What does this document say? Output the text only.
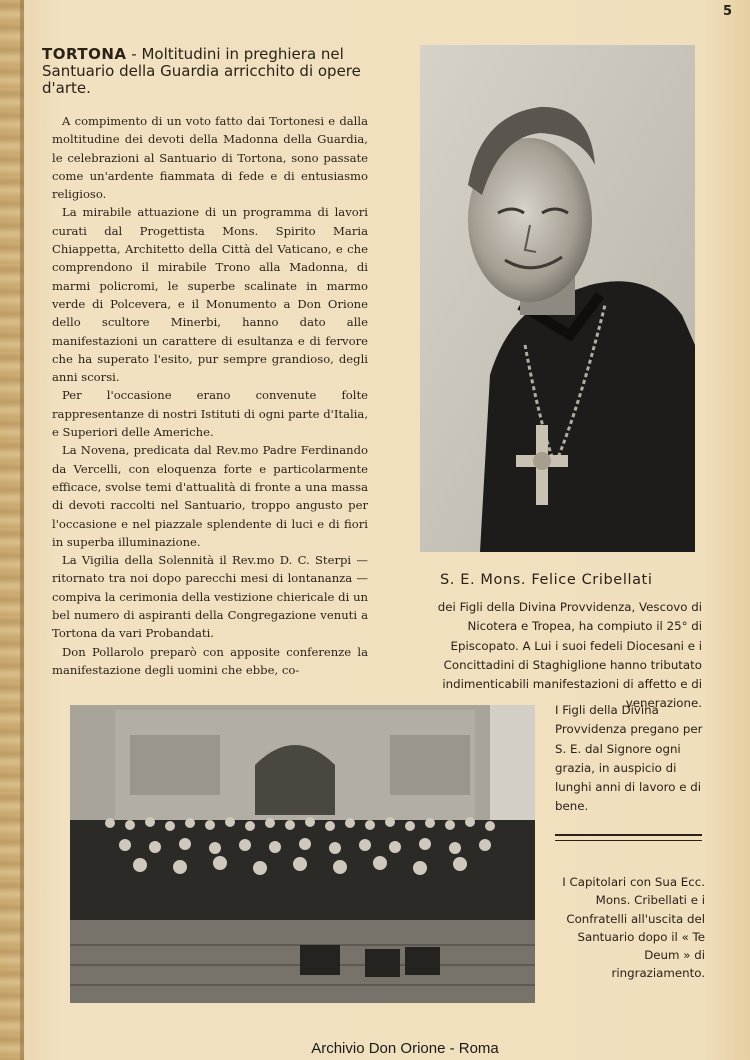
5
TORTONA - Moltitudini in preghiera nel Santuario della Guardia arricchito di opere d'arte.

A compimento di un voto fatto dai Tortonesi e dalla moltitudine dei devoti della Madonna della Guardia, le celebrazioni al Santuario di Tortona, sono passate come un'ardente fiammata di fede e di entusiasmo religioso.

La mirabile attuazione di un programma di lavori curati dal Progettista Mons. Spirito Maria Chiappetta, Architetto della Città del Vaticano, e che comprendono il mirabile Trono alla Madonna, di marmi policromi, le superbe scalinate in marmo verde di Polcevera, e il Monumento a Don Orione dello scultore Minerbi, hanno dato alle manifestazioni un carattere di esultanza e di fervore che ha superato l'esito, pur sempre grandioso, degli anni scorsi.

Per l'occasione erano convenute folte rappresentanze di nostri Istituti di ogni parte d'Italia, e Superiori delle Americhe.

La Novena, predicata dal Rev.mo Padre Ferdinando da Vercelli, con eloquenza forte e particolarmente efficace, svolse temi d'attualità di fronte a una massa di devoti raccolti nel Santuario, troppo angusto per l'occasione e nel piazzale splendente di luci e di fiori in superba illuminazione.

La Vigilia della Solennità il Rev.mo D. C. Sterpi — ritornato tra noi dopo parecchi mesi di lontananza — compiva la cerimonia della vestizione chiericale di un bel numero di aspiranti della Congregazione venuti a Tortona da vari Probandati.

Don Pollarolo preparò con apposite conferenze la manifestazione degli uomini che ebbe, co-

S. E. Mons. Felice Cribellati
dei Figli della Divina Provvidenza, Vescovo di Nicotera e Tropea, ha compiuto il 25° di Episcopato. A Lui i suoi fedeli Diocesani e i Concittadini di Staghiglione hanno tributato indimenticabili manifestazioni di affetto e di venerazione.
I Figli della Divina Provvidenza pregano per S. E. dal Signore ogni grazia, in auspicio di lunghi anni di lavoro e di bene.
I Capitolari con Sua Ecc. Mons. Cribellati e i Confratelli all'uscita del Santuario dopo il « Te Deum » di ringraziamento.
Archivio Don Orione - Roma
